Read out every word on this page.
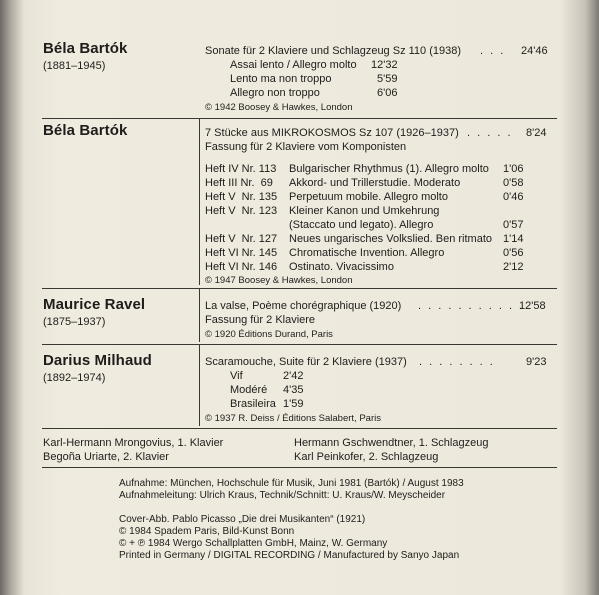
Béla Bartók
(1881–1945)
Sonate für 2 Klaviere und Schlagzeug Sz 110 (1938) . . . 24'46
Assai lento / Allegro molto 12'32
Lento ma non troppo	5'59
Allegro non troppo	6'06
© 1942 Boosey & Hawkes, London
Béla Bartók	7 Stücke aus MIKROKOSMOS Sz 107 (1926–1937) . . . . . 8'24
Fassung für 2 Klaviere vom Komponisten
Heft IV Nr. 113 Bulgarischer Rhythmus (1). Allegro molto 1'06
Heft III Nr.  69 Akkord- und Trillerstudie. Moderato	0'58
Heft V  Nr. 135 Perpetuum mobile. Allegro molto	0'46
Heft V  Nr. 123 Kleiner Kanon und Umkehrung
(Staccato und legato). Allegro	0'57
Heft V  Nr. 127 Neues ungarisches Volkslied. Ben ritmato 1'14
Heft VI Nr. 145 Chromatische Invention. Allegro	0'56
Heft VI Nr. 146 Ostinato. Vivacissimo	2'12
© 1947 Boosey & Hawkes, London
Maurice Ravel
(1875–1937)
La valse, Poème chorégraphique (1920) . . . . . . . . . . .
12'58
Fassung für 2 Klaviere
© 1920 Éditions Durand, Paris
Darius Milhaud
(1892–1974)
Scaramouche, Suite für 2 Klaviere (1937) . . . . . . . .	9'23
Vif	2'42
Modéré 4'35
Brasileira 1'59
© 1937 R. Deiss / Éditions Salabert, Paris
Karl-Hermann Mrongovius, 1. Klavier
Begoña Uriarte, 2. Klavier
Hermann Gschwendtner, 1. Schlagzeug
Karl Peinkofer, 2. Schlagzeug
Aufnahme: München, Hochschule für Musik, Juni 1981 (Bartók) / August 1983
Aufnahmeleitung: Ulrich Kraus, Technik/Schnitt: U. Kraus/W. Meyscheider
Cover-Abb. Pablo Picasso „Die drei Musikanten“ (1921)
© 1984 Spadem Paris, Bild-Kunst Bonn
© + ℗ 1984 Wergo Schallplatten GmbH, Mainz, W. Germany
Printed in Germany / DIGITAL RECORDING / Manufactured by Sanyo Japan
